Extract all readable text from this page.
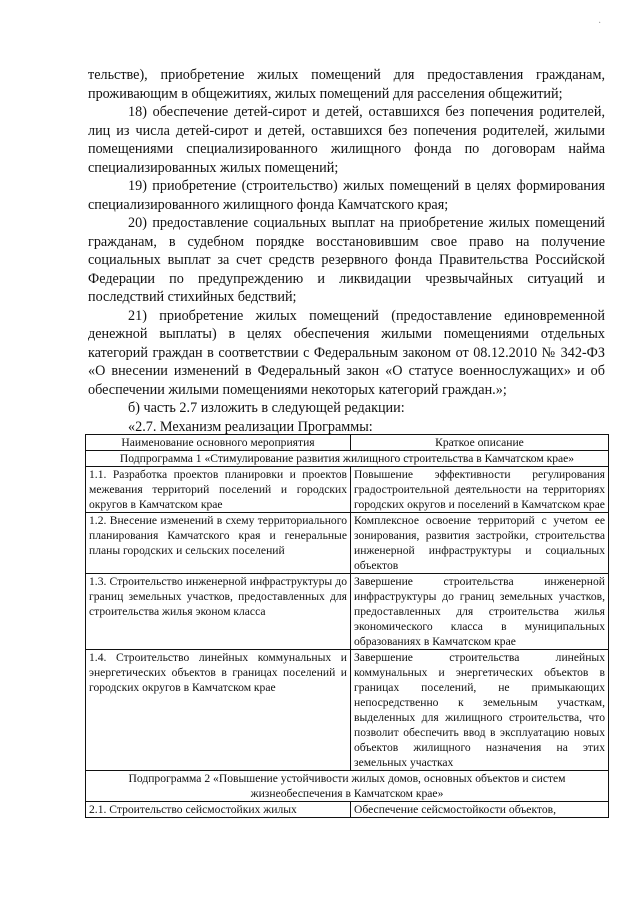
·

тельстве), приобретение жилых помещений для предоставления гражданам, проживающим в общежитиях, жилых помещений для расселения общежитий;

18) обеспечение детей-сирот и детей, оставшихся без попечения родителей, лиц из числа детей-сирот и детей, оставшихся без попечения родителей, жилыми помещениями специализированного жилищного фонда по договорам найма специализированных жилых помещений;

19) приобретение (строительство) жилых помещений в целях формирования специализированного жилищного фонда Камчатского края;

20) предоставление социальных выплат на приобретение жилых помещений гражданам, в судебном порядке восстановившим свое право на получение социальных выплат за счет средств резервного фонда Правительства Российской Федерации по предупреждению и ликвидации чрезвычайных ситуаций и последствий стихийных бедствий;

21) приобретение жилых помещений (предоставление единовременной денежной выплаты) в целях обеспечения жилыми помещениями отдельных категорий граждан в соответствии с Федеральным законом от 08.12.2010 № 342-ФЗ «О внесении изменений в Федеральный закон «О статусе военнослужащих» и об обеспечении жилыми помещениями некоторых категорий граждан.»;

б) часть 2.7 изложить в следующей редакции:

«2.7. Механизм реализации Программы:

Наименование основного мероприятия	Краткое описание
Подпрограмма 1 «Стимулирование развития жилищного строительства в Камчатском крае»	
1.1. Разработка проектов планировки и проектов межевания территорий поселений и городских округов в Камчатском крае	Повышение эффективности регулирования градостроительной деятельности на территориях городских округов и поселений в Камчатском крае
1.2. Внесение изменений в схему территориального планирования Камчатского края и генеральные планы городских и сельских поселений	Комплексное освоение территорий с учетом ее зонирования, развития застройки, строительства инженерной инфраструктуры и социальных объектов
1.3. Строительство инженерной инфраструктуры до границ земельных участков, предоставленных для строительства жилья эконом класса	Завершение строительства инженерной инфраструктуры до границ земельных участков, предоставленных для строительства жилья экономического класса в муниципальных образованиях в Камчатском крае
1.4. Строительство линейных коммунальных и энергетических объектов в границах поселений и городских округов в Камчатском крае	Завершение строительства линейных коммунальных и энергетических объектов в границах поселений, не примыкающих непосредственно к земельным участкам, выделенных для жилищного строительства, что позволит обеспечить ввод в эксплуатацию новых объектов жилищного назначения на этих земельных участках
Подпрограмма 2 «Повышение устойчивости жилых домов, основных объектов и систем жизнеобеспечения в Камчатском крае»	
2.1. Строительство сейсмостойких жилых	Обеспечение сейсмостойкости объектов,
